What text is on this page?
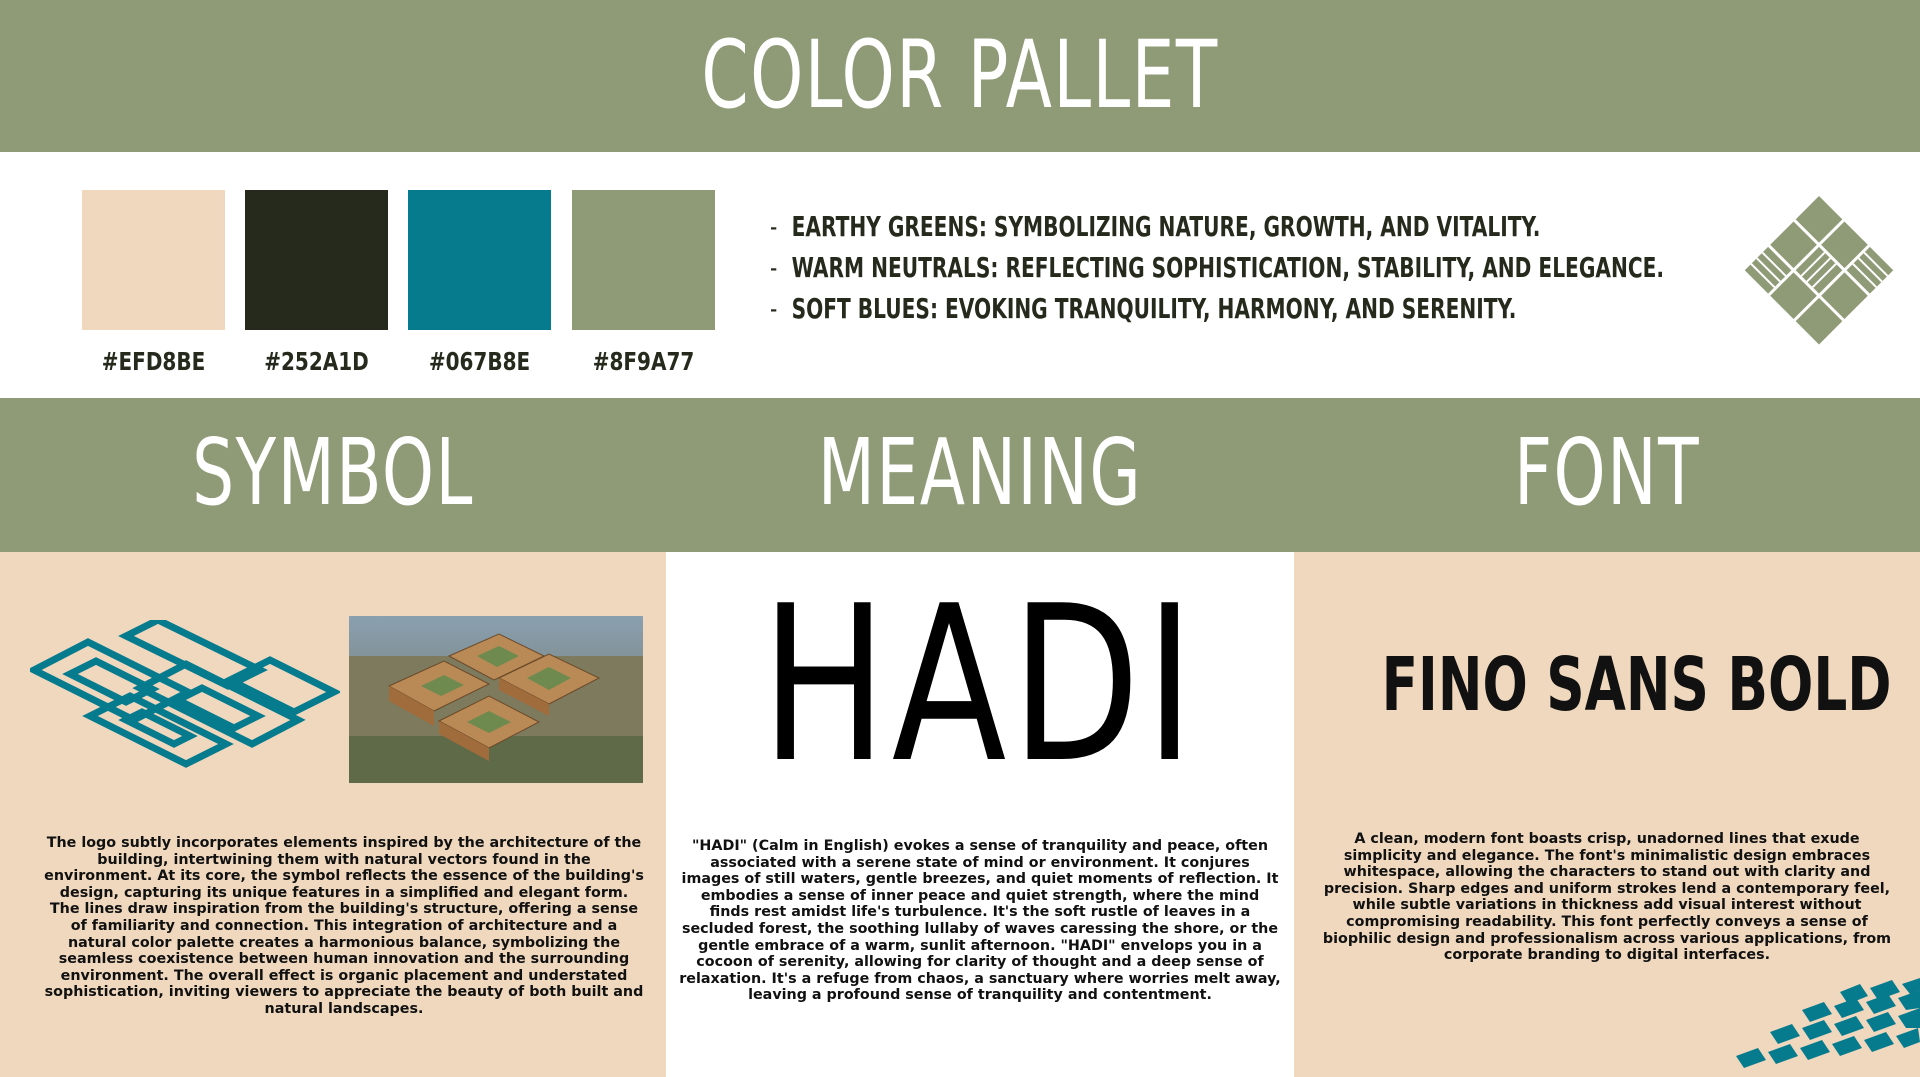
COLOR PALLET
#EFD8BE #252A1D #067B8E	#8F9A77
- EARTHY GREENS: SYMBOLIZING NATURE, GROWTH, AND VITALITY.
- WARM NEUTRALS: REFLECTING SOPHISTICATION, STABILITY, AND ELEGANCE.
- SOFT BLUES: EVOKING TRANQUILITY, HARMONY, AND SERENITY.
SYMBOL	MEANING	FONT
The logo subtly incorporates elements inspired by the architecture of the building, intertwining them with natural vectors found in the environment. At its core, the symbol reflects the essence of the building's design, capturing its unique features in a simplified and elegant form. The lines draw inspiration from the building's structure, offering a sense of familiarity and connection. This integration of architecture and a natural color palette creates a harmonious balance, symbolizing the seamless coexistence between human innovation and the surrounding environment. The overall effect is organic placement and understated sophistication, inviting viewers to appreciate the beauty of both built and natural landscapes.
HADI
"HADI" (Calm in English) evokes a sense of tranquility and peace, often associated with a serene state of mind or environment. It conjures images of still waters, gentle breezes, and quiet moments of reflection. It embodies a sense of inner peace and quiet strength, where the mind finds rest amidst life's turbulence. It's the soft rustle of leaves in a secluded forest, the soothing lullaby of waves caressing the shore, or the gentle embrace of a warm, sunlit afternoon. "HADI" envelops you in a cocoon of serenity, allowing for clarity of thought and a deep sense of relaxation. It's a refuge from chaos, a sanctuary where worries melt away, leaving a profound sense of tranquility and contentment.
FINO SANS BOLD
A clean, modern font boasts crisp, unadorned lines that exude simplicity and elegance. The font's minimalistic design embraces whitespace, allowing the characters to stand out with clarity and precision. Sharp edges and uniform strokes lend a contemporary feel, while subtle variations in thickness add visual interest without compromising readability. This font perfectly conveys a sense of biophilic design and professionalism across various applications, from corporate branding to digital interfaces.
